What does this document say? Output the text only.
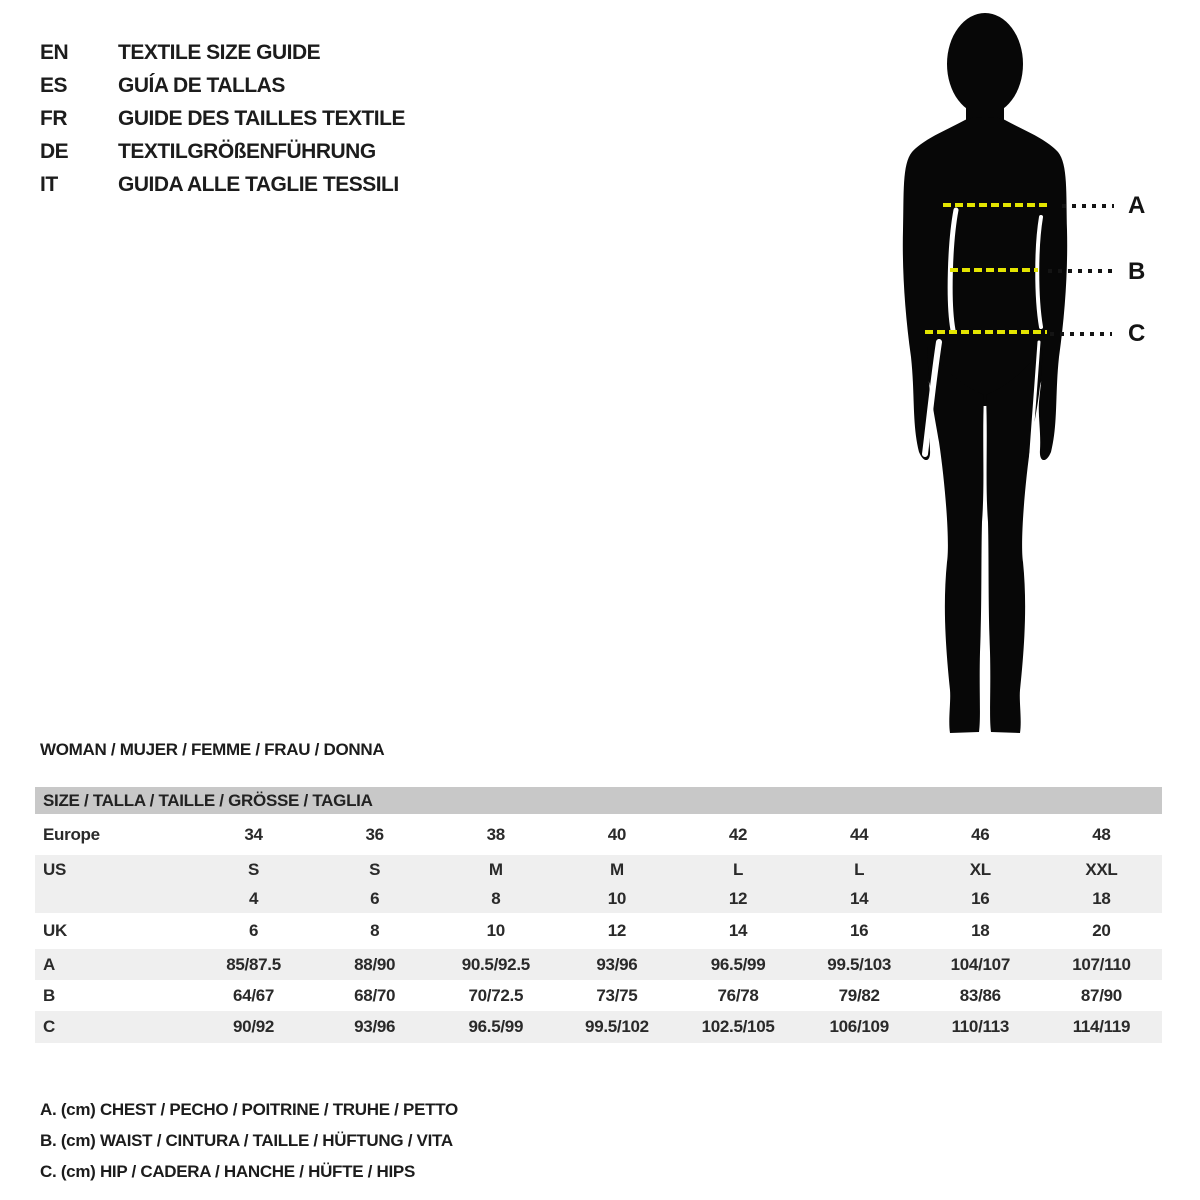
EN	TEXTILE SIZE GUIDE
ES	GUÍA DE TALLAS
FR	GUIDE DES TAILLES TEXTILE
DE	TEXTILGRÖßENFÜHRUNG
IT	GUIDA ALLE TAGLIE TESSILI
A
B
C
WOMAN / MUJER / FEMME / FRAU / DONNA
SIZE / TALLA / TAILLE / GRÖSSE / TAGLIA
Europe	34	36	38	40	42	44	46	48
US	S	S	M	M	L	L	XL	XXL
4	6	8	10	12	14	16	18
UK	6	8	10	12	14	16	18	20
A	85/87.5	88/90	90.5/92.5	93/96	96.5/99	99.5/103	104/107	107/110
B	64/67	68/70	70/72.5	73/75	76/78	79/82	83/86	87/90
C	90/92	93/96	96.5/99	99.5/102	102.5/105	106/109	110/113	114/119
A. (cm) CHEST / PECHO / POITRINE / TRUHE / PETTO
B. (cm) WAIST / CINTURA / TAILLE / HÜFTUNG / VITA
C. (cm) HIP / CADERA / HANCHE / HÜFTE / HIPS
